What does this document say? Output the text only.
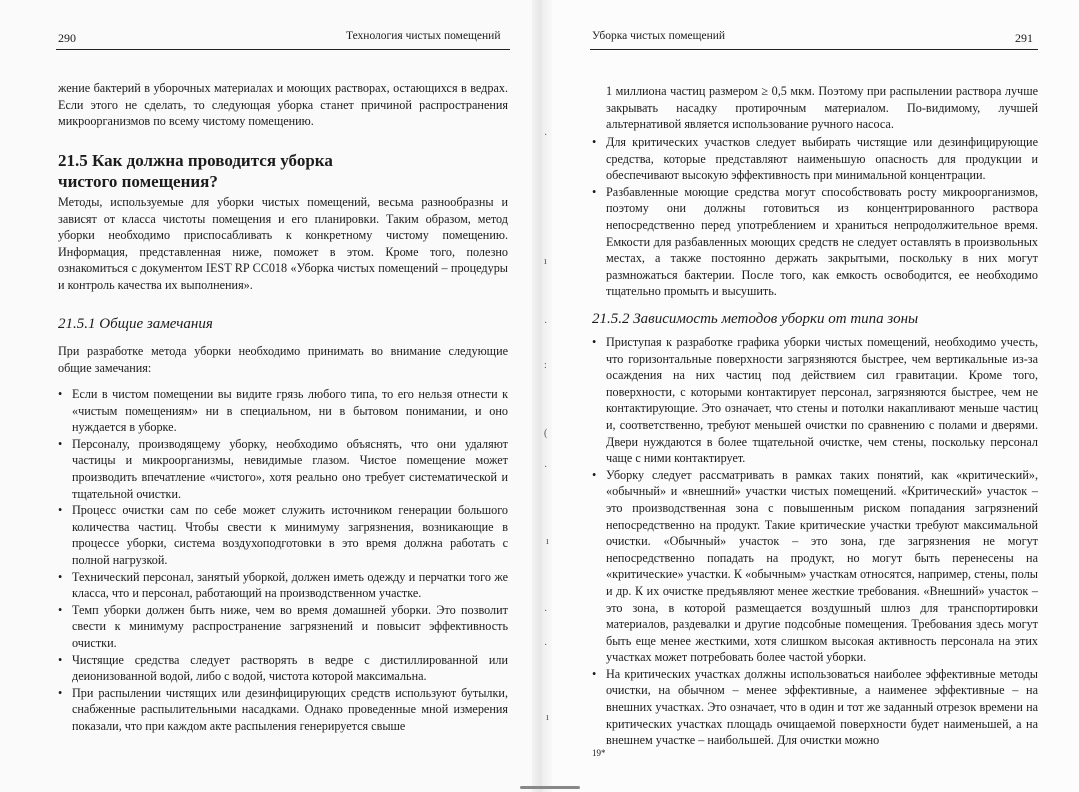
290	Технология чистых помещений

жение бактерий в уборочных материалах и моющих растворах, остающихся в ведрах. Если этого не сделать, то следующая уборка станет причиной распространения микроорганизмов по всему чистому помещению.

21.5 Как должна проводится уборка чистого помещения?

Методы, используемые для уборки чистых помещений, весьма разнообразны и зависят от класса чистоты помещения и его планировки. Таким образом, метод уборки необходимо приспосабливать к конкретному чистому помещению. Информация, представленная ниже, поможет в этом. Кроме того, полезно ознакомиться с документом IEST RP CC018 «Уборка чистых помещений – процедуры и контроль качества их выполнения».

21.5.1 Общие замечания

При разработке метода уборки необходимо принимать во внимание следующие общие замечания:

• Если в чистом помещении вы видите грязь любого типа, то его нельзя отнести к «чистым помещениям» ни в специальном, ни в бытовом понимании, и оно нуждается в уборке.
• Персоналу, производящему уборку, необходимо объяснять, что они удаляют частицы и микроорганизмы, невидимые глазом. Чистое помещение может производить впечатление «чистого», хотя реально оно требует систематической и тщательной очистки.
• Процесс очистки сам по себе может служить источником генерации большого количества частиц. Чтобы свести к минимуму загрязнения, возникающие в процессе уборки, система воздухоподготовки в это время должна работать с полной нагрузкой.
• Технический персонал, занятый уборкой, должен иметь одежду и перчатки того же класса, что и персонал, работающий на производственном участке.
• Темп уборки должен быть ниже, чем во время домашней уборки. Это позволит свести к минимуму распространение загрязнений и повысит эффективность очистки.
• Чистящие средства следует растворять в ведре с дистиллированной или деионизованной водой, либо с водой, чистота которой максимальна.
• При распылении чистящих или дезинфицирующих средств используют бутылки, снабженные распылительными насадками. Однако проведенные мной измерения показали, что при каждом акте распыления генерируется свыше
·
ı
·
:
(
·
ı
·
·
ı
Уборка чистых помещений	291

1 миллиона частиц размером ≥ 0,5 мкм. Поэтому при распылении раствора лучше закрывать насадку протирочным материалом. По-видимому, лучшей альтернативой является использование ручного насоса.

• Для критических участков следует выбирать чистящие или дезинфицирующие средства, которые представляют наименьшую опасность для продукции и обеспечивают высокую эффективность при минимальной концентрации.
• Разбавленные моющие средства могут способствовать росту микроорганизмов, поэтому они должны готовиться из концентрированного раствора непосредственно перед употреблением и храниться непродолжительное время. Емкости для разбавленных моющих средств не следует оставлять в произвольных местах, а также постоянно держать закрытыми, поскольку в них могут размножаться бактерии. После того, как емкость освободится, ее необходимо тщательно промыть и высушить.
21.5.2 Зависимость методов уборки от типа зоны
• Приступая к разработке графика уборки чистых помещений, необходимо учесть, что горизонтальные поверхности загрязняются быстрее, чем вертикальные из-за осаждения на них частиц под действием сил гравитации. Кроме того, поверхности, с которыми контактирует персонал, загрязняются быстрее, чем не контактирующие. Это означает, что стены и потолки накапливают меньше частиц и, соответственно, требуют меньшей очистки по сравнению с полами и дверями. Двери нуждаются в более тщательной очистке, чем стены, поскольку персонал чаще с ними контактирует.
• Уборку следует рассматривать в рамках таких понятий, как «критический», «обычный» и «внешний» участки чистых помещений. «Критический» участок – это производственная зона с повышенным риском попадания загрязнений непосредственно на продукт. Такие критические участки требуют максимальной очистки. «Обычный» участок – это зона, где загрязнения не могут непосредственно попадать на продукт, но могут быть перенесены на «критические» участки. К «обычным» участкам относятся, например, стены, полы и др. К их очистке предъявляют менее жесткие требования. «Внешний» участок – это зона, в которой размещается воздушный шлюз для транспортировки материалов, раздевалки и другие подсобные помещения. Требования здесь могут быть еще менее жесткими, хотя слишком высокая активность персонала на этих участках может потребовать более частой уборки.
• На критических участках должны использоваться наиболее эффективные методы очистки, на обычном – менее эффективные, а наименее эффективные – на внешних участках. Это означает, что в один и тот же заданный отрезок времени на критических участках площадь очищаемой поверхности будет наименьшей, а на внешнем участке – наибольшей. Для очистки можно
19*
